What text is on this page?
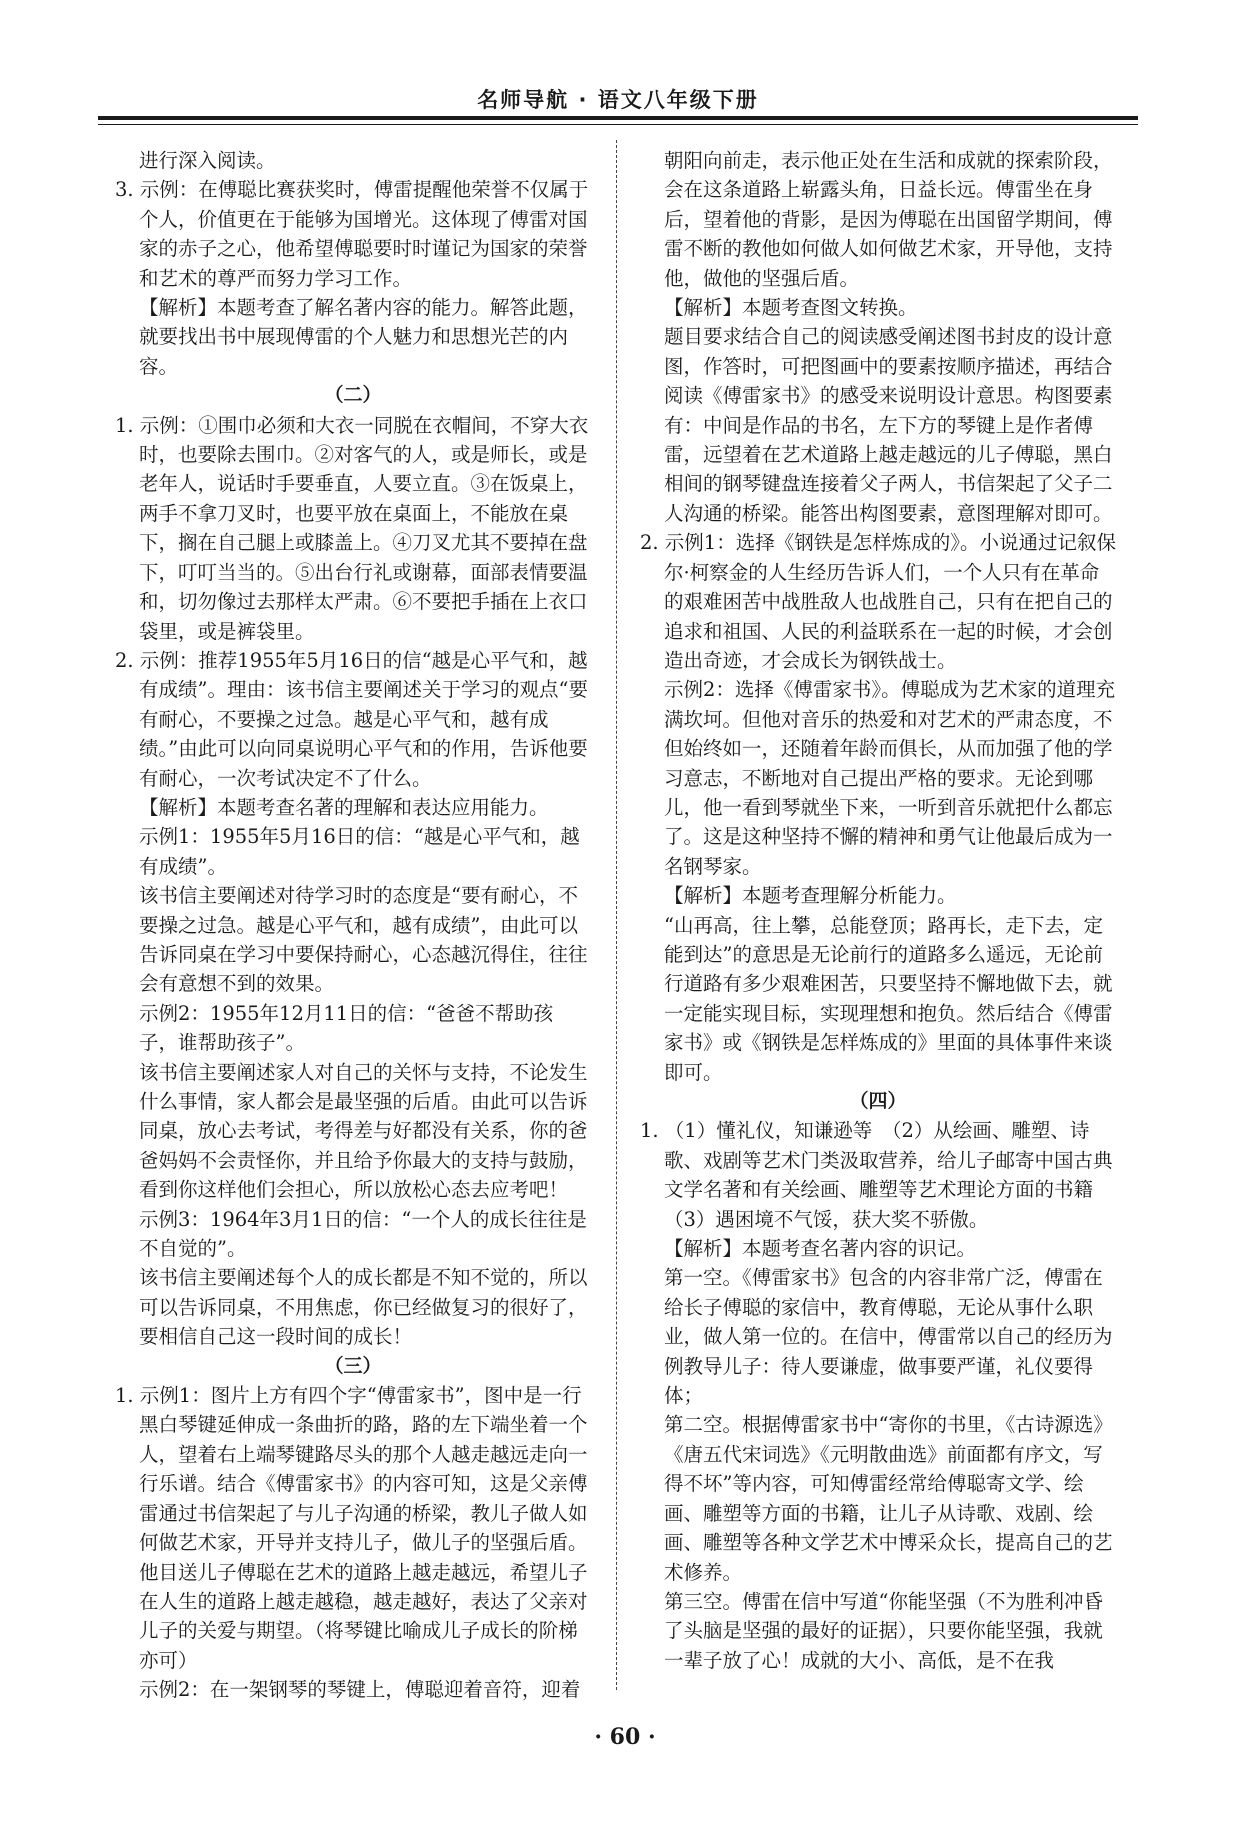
名师导航 · 语文八年级下册

进行深入阅读。

3. 示例：在傅聪比赛获奖时，傅雷提醒他荣誉不仅属于个人，价值更在于能够为国增光。这体现了傅雷对国家的赤子之心，他希望傅聪要时时谨记为国家的荣誉和艺术的尊严而努力学习工作。

【解析】本题考查了解名著内容的能力。解答此题，就要找出书中展现傅雷的个人魅力和思想光芒的内容。

（二）

1. 示例：①围巾必须和大衣一同脱在衣帽间，不穿大衣时，也要除去围巾。②对客气的人，或是师长，或是老年人，说话时手要垂直，人要立直。③在饭桌上，两手不拿刀叉时，也要平放在桌面上，不能放在桌下，搁在自己腿上或膝盖上。④刀叉尤其不要掉在盘下，叮叮当当的。⑤出台行礼或谢幕，面部表情要温和，切勿像过去那样太严肃。⑥不要把手插在上衣口袋里，或是裤袋里。

2. 示例：推荐1955年5月16日的信“越是心平气和，越有成绩”。理由：该书信主要阐述关于学习的观点“要有耐心，不要操之过急。越是心平气和，越有成绩。”由此可以向同桌说明心平气和的作用，告诉他要有耐心，一次考试决定不了什么。

【解析】本题考查名著的理解和表达应用能力。

示例1：1955年5月16日的信：“越是心平气和，越有成绩”。

该书信主要阐述对待学习时的态度是“要有耐心，不要操之过急。越是心平气和，越有成绩”，由此可以告诉同桌在学习中要保持耐心，心态越沉得住，往往会有意想不到的效果。

示例2：1955年12月11日的信：“爸爸不帮助孩子，谁帮助孩子”。

该书信主要阐述家人对自己的关怀与支持，不论发生什么事情，家人都会是最坚强的后盾。由此可以告诉同桌，放心去考试，考得差与好都没有关系，你的爸爸妈妈不会责怪你，并且给予你最大的支持与鼓励，看到你这样他们会担心，所以放松心态去应考吧！

示例3：1964年3月1日的信：“一个人的成长往往是不自觉的”。

该书信主要阐述每个人的成长都是不知不觉的，所以可以告诉同桌，不用焦虑，你已经做复习的很好了，要相信自己这一段时间的成长！

（三）

1. 示例1：图片上方有四个字“傅雷家书”，图中是一行黑白琴键延伸成一条曲折的路，路的左下端坐着一个人，望着右上端琴键路尽头的那个人越走越远走向一行乐谱。结合《傅雷家书》的内容可知，这是父亲傅雷通过书信架起了与儿子沟通的桥梁，教儿子做人如何做艺术家，开导并支持儿子，做儿子的坚强后盾。他目送儿子傅聪在艺术的道路上越走越远，希望儿子在人生的道路上越走越稳，越走越好，表达了父亲对儿子的关爱与期望。（将琴键比喻成儿子成长的阶梯亦可）

示例2：在一架钢琴的琴键上，傅聪迎着音符，迎着

朝阳向前走，表示他正处在生活和成就的探索阶段，会在这条道路上崭露头角，日益长远。傅雷坐在身后，望着他的背影，是因为傅聪在出国留学期间，傅雷不断的教他如何做人如何做艺术家，开导他，支持他，做他的坚强后盾。

【解析】本题考查图文转换。

题目要求结合自己的阅读感受阐述图书封皮的设计意图，作答时，可把图画中的要素按顺序描述，再结合阅读《傅雷家书》的感受来说明设计意思。构图要素有：中间是作品的书名，左下方的琴键上是作者傅雷，远望着在艺术道路上越走越远的儿子傅聪，黑白相间的钢琴键盘连接着父子两人，书信架起了父子二人沟通的桥梁。能答出构图要素，意图理解对即可。

2. 示例1：选择《钢铁是怎样炼成的》。小说通过记叙保尔·柯察金的人生经历告诉人们，一个人只有在革命的艰难困苦中战胜敌人也战胜自己，只有在把自己的追求和祖国、人民的利益联系在一起的时候，才会创造出奇迹，才会成长为钢铁战士。

示例2：选择《傅雷家书》。傅聪成为艺术家的道理充满坎坷。但他对音乐的热爱和对艺术的严肃态度，不但始终如一，还随着年龄而俱长，从而加强了他的学习意志，不断地对自己提出严格的要求。无论到哪儿，他一看到琴就坐下来，一听到音乐就把什么都忘了。这是这种坚持不懈的精神和勇气让他最后成为一名钢琴家。

【解析】本题考查理解分析能力。

“山再高，往上攀，总能登顶；路再长，走下去，定能到达”的意思是无论前行的道路多么遥远，无论前行道路有多少艰难困苦，只要坚持不懈地做下去，就一定能实现目标，实现理想和抱负。然后结合《傅雷家书》或《钢铁是怎样炼成的》里面的具体事件来谈即可。

（四）

1. （1）懂礼仪，知谦逊等　（2）从绘画、雕塑、诗歌、戏剧等艺术门类汲取营养，给儿子邮寄中国古典文学名著和有关绘画、雕塑等艺术理论方面的书籍

（3）遇困境不气馁，获大奖不骄傲。

【解析】本题考查名著内容的识记。

第一空。《傅雷家书》包含的内容非常广泛，傅雷在给长子傅聪的家信中，教育傅聪，无论从事什么职业，做人第一位的。在信中，傅雷常以自己的经历为例教导儿子：待人要谦虚，做事要严谨，礼仪要得体；

第二空。根据傅雷家书中“寄你的书里，《古诗源选》《唐五代宋词选》《元明散曲选》前面都有序文，写得不坏”等内容，可知傅雷经常给傅聪寄文学、绘画、雕塑等方面的书籍，让儿子从诗歌、戏剧、绘画、雕塑等各种文学艺术中博采众长，提高自己的艺术修养。

第三空。傅雷在信中写道“你能坚强（不为胜利冲昏了头脑是坚强的最好的证据），只要你能坚强，我就一辈子放了心！成就的大小、高低，是不在我

· 60 ·
